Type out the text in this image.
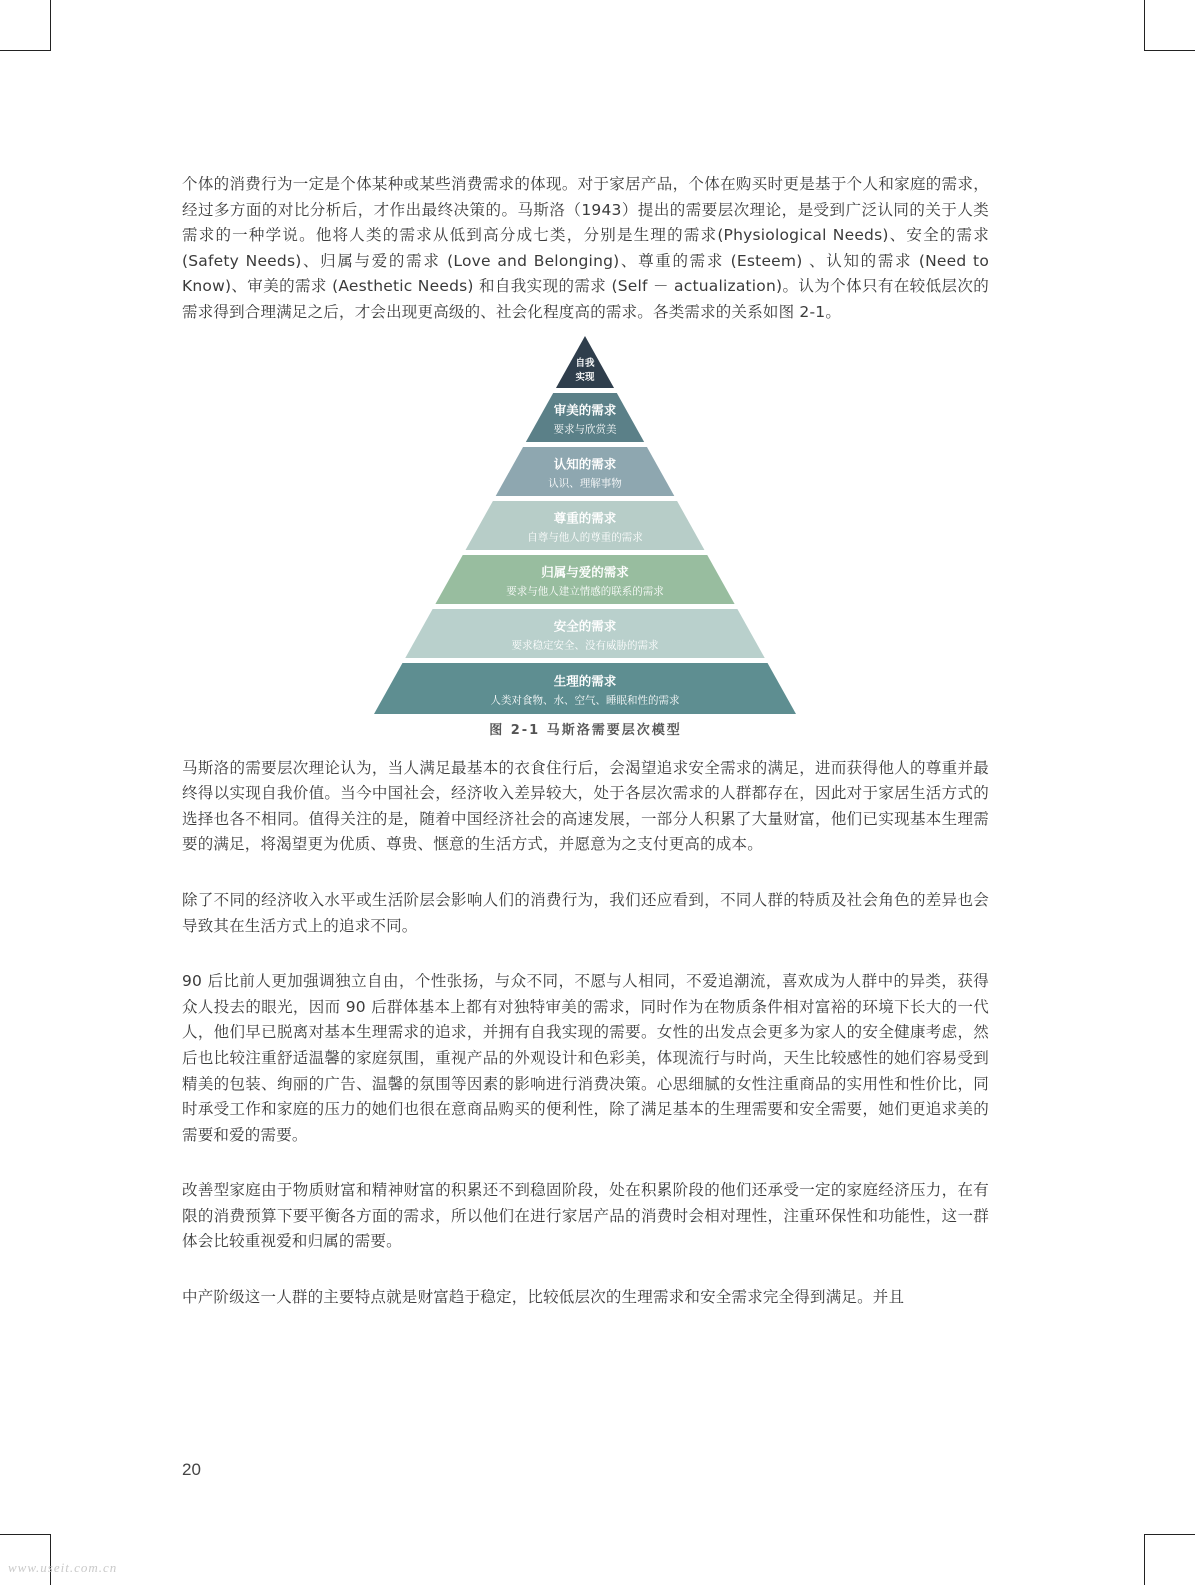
个体的消费行为一定是个体某种或某些消费需求的体现。对于家居产品，个体在购买时更是基于个人和家庭的需求，经过多方面的对比分析后，才作出最终决策的。马斯洛（1943）提出的需要层次理论，是受到广泛认同的关于人类需求的一种学说。他将人类的需求从低到高分成七类，分别是生理的需求(Physiological Needs)、安全的需求 (Safety Needs)、归属与爱的需求 (Love and Belonging)、尊重的需求 (Esteem) 、认知的需求 (Need to Know)、审美的需求 (Aesthetic Needs) 和自我实现的需求 (Self － actualization)。认为个体只有在较低层次的需求得到合理满足之后，才会出现更高级的、社会化程度高的需求。各类需求的关系如图 2-1。

自我
实现
审美的需求
要求与欣赏美
认知的需求
认识、理解事物
尊重的需求
自尊与他人的尊重的需求
归属与爱的需求
要求与他人建立情感的联系的需求
安全的需求
要求稳定安全、没有威胁的需求
生理的需求
人类对食物、水、空气、睡眠和性的需求
图 2-1 马斯洛需要层次模型

马斯洛的需要层次理论认为，当人满足最基本的衣食住行后，会渴望追求安全需求的满足，进而获得他人的尊重并最终得以实现自我价值。当今中国社会，经济收入差异较大，处于各层次需求的人群都存在，因此对于家居生活方式的选择也各不相同。值得关注的是，随着中国经济社会的高速发展，一部分人积累了大量财富，他们已实现基本生理需要的满足，将渴望更为优质、尊贵、惬意的生活方式，并愿意为之支付更高的成本。

除了不同的经济收入水平或生活阶层会影响人们的消费行为，我们还应看到，不同人群的特质及社会角色的差异也会导致其在生活方式上的追求不同。

90 后比前人更加强调独立自由，个性张扬，与众不同，不愿与人相同，不爱追潮流，喜欢成为人群中的异类，获得众人投去的眼光，因而 90 后群体基本上都有对独特审美的需求，同时作为在物质条件相对富裕的环境下长大的一代人，他们早已脱离对基本生理需求的追求，并拥有自我实现的需要。女性的出发点会更多为家人的安全健康考虑，然后也比较注重舒适温馨的家庭氛围，重视产品的外观设计和色彩美，体现流行与时尚，天生比较感性的她们容易受到精美的包装、绚丽的广告、温馨的氛围等因素的影响进行消费决策。心思细腻的女性注重商品的实用性和性价比，同时承受工作和家庭的压力的她们也很在意商品购买的便利性，除了满足基本的生理需要和安全需要，她们更追求美的需要和爱的需要。

改善型家庭由于物质财富和精神财富的积累还不到稳固阶段，处在积累阶段的他们还承受一定的家庭经济压力，在有限的消费预算下要平衡各方面的需求，所以他们在进行家居产品的消费时会相对理性，注重环保性和功能性，这一群体会比较重视爱和归属的需要。

中产阶级这一人群的主要特点就是财富趋于稳定，比较低层次的生理需求和安全需求完全得到满足。并且

20
www.useit.com.cn
